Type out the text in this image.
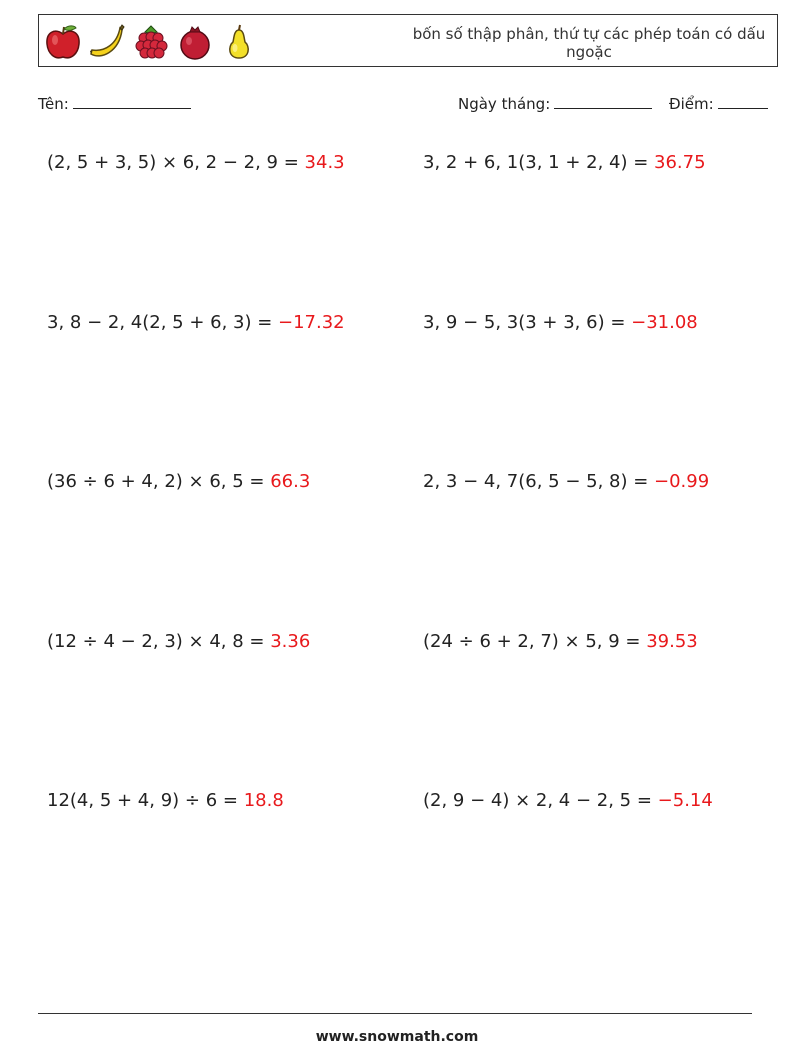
bốn số thập phân, thứ tự các phép toán có dấu ngoặc
Tên:	Ngày tháng:	Điểm:
(2, 5 + 3, 5) × 6, 2 − 2, 9 = 34.3	3, 2 + 6, 1(3, 1 + 2, 4) = 36.75
3, 8 − 2, 4(2, 5 + 6, 3) = −17.32	3, 9 − 5, 3(3 + 3, 6) = −31.08
(36 ÷ 6 + 4, 2) × 6, 5 = 66.3	2, 3 − 4, 7(6, 5 − 5, 8) = −0.99
(12 ÷ 4 − 2, 3) × 4, 8 = 3.36	(24 ÷ 6 + 2, 7) × 5, 9 = 39.53
12(4, 5 + 4, 9) ÷ 6 = 18.8	(2, 9 − 4) × 2, 4 − 2, 5 = −5.14
www.snowmath.com
